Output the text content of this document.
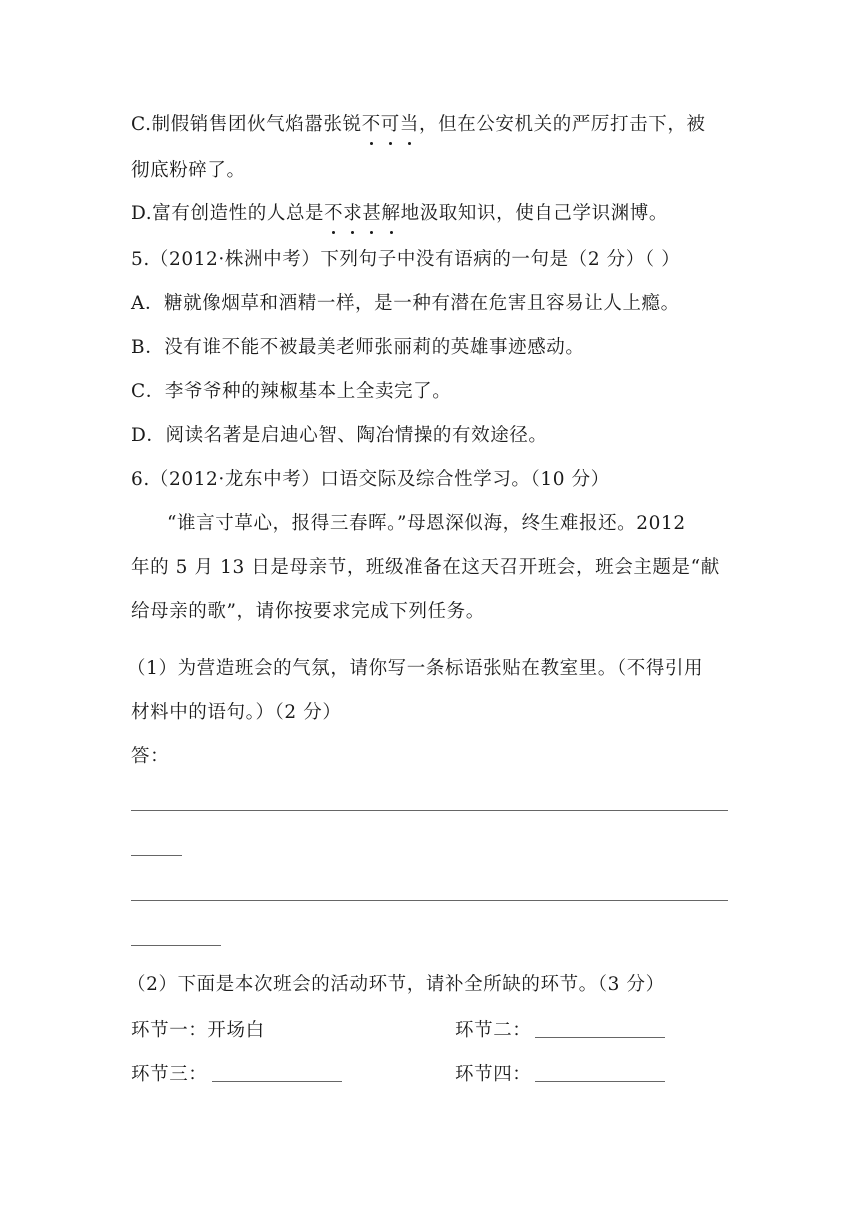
C.制假销售团伙气焰嚣张锐不可当，但在公安机关的严厉打击下，被
彻底粉碎了。
D.富有创造性的人总是不求甚解地汲取知识，使自己学识渊博。
5.（2012·株洲中考）下列句子中没有语病的一句是（2 分）（ ）
A．糖就像烟草和酒精一样，是一种有潜在危害且容易让人上瘾。
B．没有谁不能不被最美老师张丽莉的英雄事迹感动。
C．李爷爷种的辣椒基本上全卖完了。
D．阅读名著是启迪心智、陶冶情操的有效途径。
6.（2012·龙东中考）口语交际及综合性学习。（10 分）
“谁言寸草心，报得三春晖。”母恩深似海，终生难报还。2012
年的 5 月 13 日是母亲节，班级准备在这天召开班会，班会主题是“献
给母亲的歌”，请你按要求完成下列任务。
（1）为营造班会的气氛，请你写一条标语张贴在教室里。（不得引用
材料中的语句。）（2 分）
答：
（2）下面是本次班会的活动环节，请补全所缺的环节。（3 分）
环节一：开场白	环节二：
环节三：	环节四：
